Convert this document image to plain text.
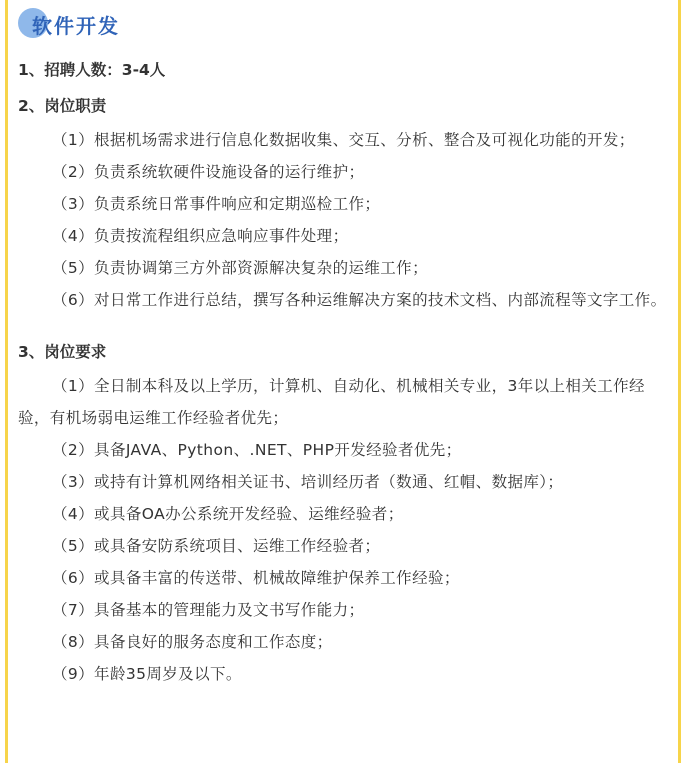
软件开发
1、招聘人数：3-4人
2、岗位职责

（1）根据机场需求进行信息化数据收集、交互、分析、整合及可视化功能的开发；

（2）负责系统软硬件设施设备的运行维护；

（3）负责系统日常事件响应和定期巡检工作；

（4）负责按流程组织应急响应事件处理；

（5）负责协调第三方外部资源解决复杂的运维工作；

（6）对日常工作进行总结，撰写各种运维解决方案的技术文档、内部流程等文字工作。

3、岗位要求

（1）全日制本科及以上学历，计算机、自动化、机械相关专业，3年以上相关工作经验，有机场弱电运维工作经验者优先；

（2）具备JAVA、Python、.NET、PHP开发经验者优先；

（3）或持有计算机网络相关证书、培训经历者（数通、红帽、数据库）；

（4）或具备OA办公系统开发经验、运维经验者；

（5）或具备安防系统项目、运维工作经验者；

（6）或具备丰富的传送带、机械故障维护保养工作经验；

（7）具备基本的管理能力及文书写作能力；

（8）具备良好的服务态度和工作态度；

（9）年龄35周岁及以下。
